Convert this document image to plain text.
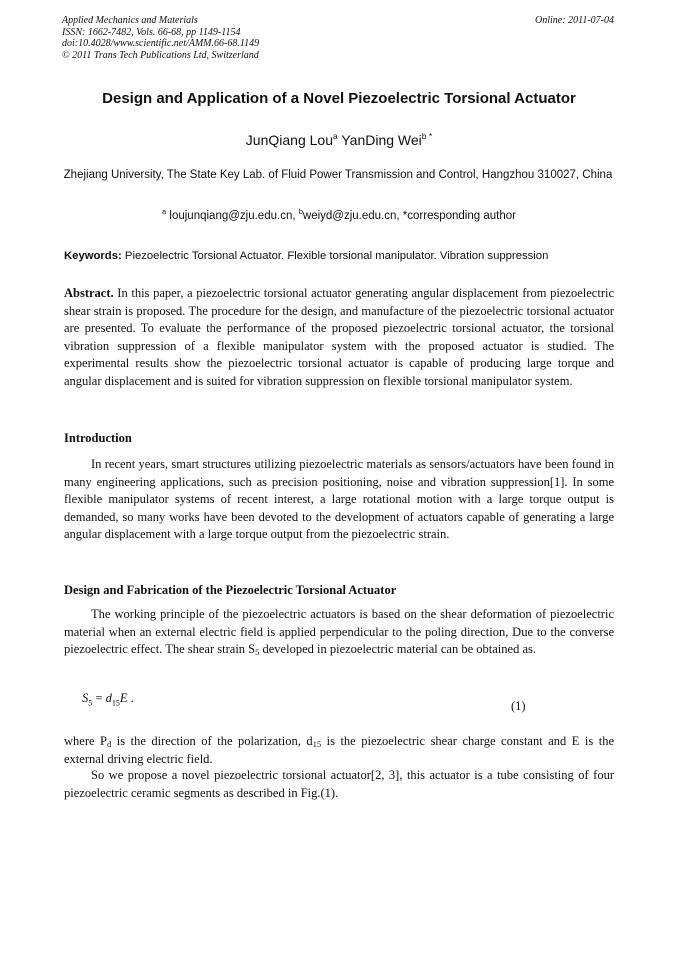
Applied Mechanics and Materials
ISSN: 1662-7482, Vols. 66-68, pp 1149-1154
doi:10.4028/www.scientific.net/AMM.66-68.1149
© 2011 Trans Tech Publications Ltd, Switzerland
Online: 2011-07-04
Design and Application of a Novel Piezoelectric Torsional Actuator
JunQiang Lou$^a$ YanDing Wei$^{b *}$
Zhejiang University, The State Key Lab. of Fluid Power Transmission and Control, Hangzhou 310027, China
$^a$ loujunqiang@zju.edu.cn, $^b$weiyd@zju.edu.cn, *corresponding author
Keywords: Piezoelectric Torsional Actuator. Flexible torsional manipulator. Vibration suppression
Abstract. In this paper, a piezoelectric torsional actuator generating angular displacement from piezoelectric shear strain is proposed. The procedure for the design, and manufacture of the piezoelectric torsional actuator are presented. To evaluate the performance of the proposed piezoelectric torsional actuator, the torsional vibration suppression of a flexible manipulator system with the proposed actuator is studied. The experimental results show the piezoelectric torsional actuator is capable of producing large torque and angular displacement and is suited for vibration suppression on flexible torsional manipulator system.
Introduction
In recent years, smart structures utilizing piezoelectric materials as sensors/actuators have been found in many engineering applications, such as precision positioning, noise and vibration suppression[1]. In some flexible manipulator systems of recent interest, a large rotational motion with a large torque output is demanded, so many works have been devoted to the development of actuators capable of generating a large angular displacement with a large torque output from the piezoelectric strain.
Design and Fabrication of the Piezoelectric Torsional Actuator
The working principle of the piezoelectric actuators is based on the shear deformation of piezoelectric material when an external electric field is applied perpendicular to the poling direction, Due to the converse piezoelectric effect. The shear strain $S_5$ developed in piezoelectric material can be obtained as.
$S_5 = d_{15}E$ .
(1)
where $P_d$ is the direction of the polarization, $d_{15}$ is the piezoelectric shear charge constant and E is the external driving electric field.
So we propose a novel piezoelectric torsional actuator[2, 3], this actuator is a tube consisting of four piezoelectric ceramic segments as described in Fig.(1).
